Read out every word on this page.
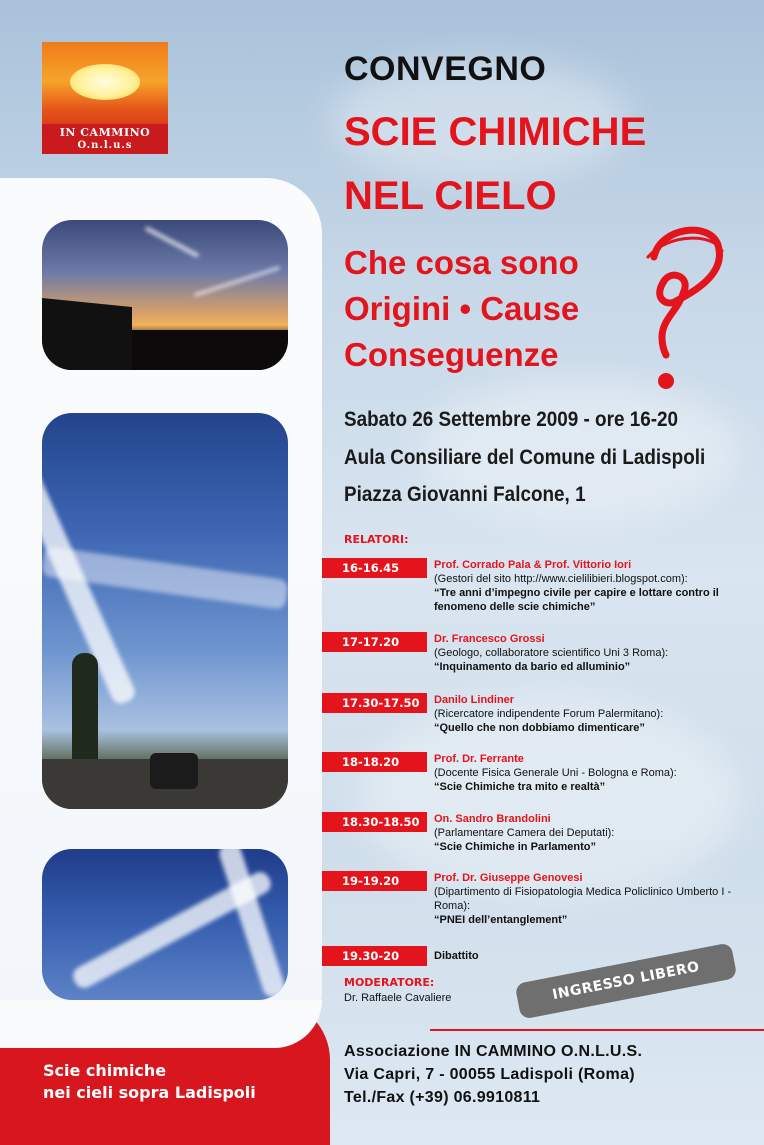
IN CAMMINO
O.n.l.u.s
Scie chimiche
nei cieli sopra Ladispoli
CONVEGNO
SCIE CHIMICHE
NEL CIELO
Che cosa sono
Origini • Cause
Conseguenze
Sabato 26 Settembre 2009 - ore 16-20
Aula Consiliare del Comune di Ladispoli
Piazza Giovanni Falcone, 1
RELATORI:
16-16.45	Prof. Corrado Pala & Prof. Vittorio Iori
(Gestori del sito http://www.cielilibieri.blogspot.com):
“Tre anni d’impegno civile per capire e lottare contro il fenomeno delle scie chimiche”
17-17.20	Dr. Francesco Grossi
(Geologo, collaboratore scientifico Uni 3 Roma):
“Inquinamento da bario ed alluminio”
17.30-17.50	Danilo Lindiner
(Ricercatore indipendente Forum Palermitano):
“Quello che non dobbiamo dimenticare”
18-18.20	Prof. Dr. Ferrante
(Docente Fisica Generale Uni - Bologna e Roma):
“Scie Chimiche tra mito e realtà”
18.30-18.50	On. Sandro Brandolini
(Parlamentare Camera dei Deputati):
“Scie Chimiche in Parlamento”
19-19.20	Prof. Dr. Giuseppe Genovesi
(Dipartimento di Fisiopatologia Medica Policlinico Umberto I - Roma):
“PNEI dell’entanglement”
19.30-20	Dibattito
MODERATORE:
Dr. Raffaele Cavaliere	INGRESSO LIBERO
Associazione IN CAMMINO O.N.L.U.S.
Via Capri, 7 - 00055 Ladispoli (Roma)
Tel./Fax (+39) 06.9910811
